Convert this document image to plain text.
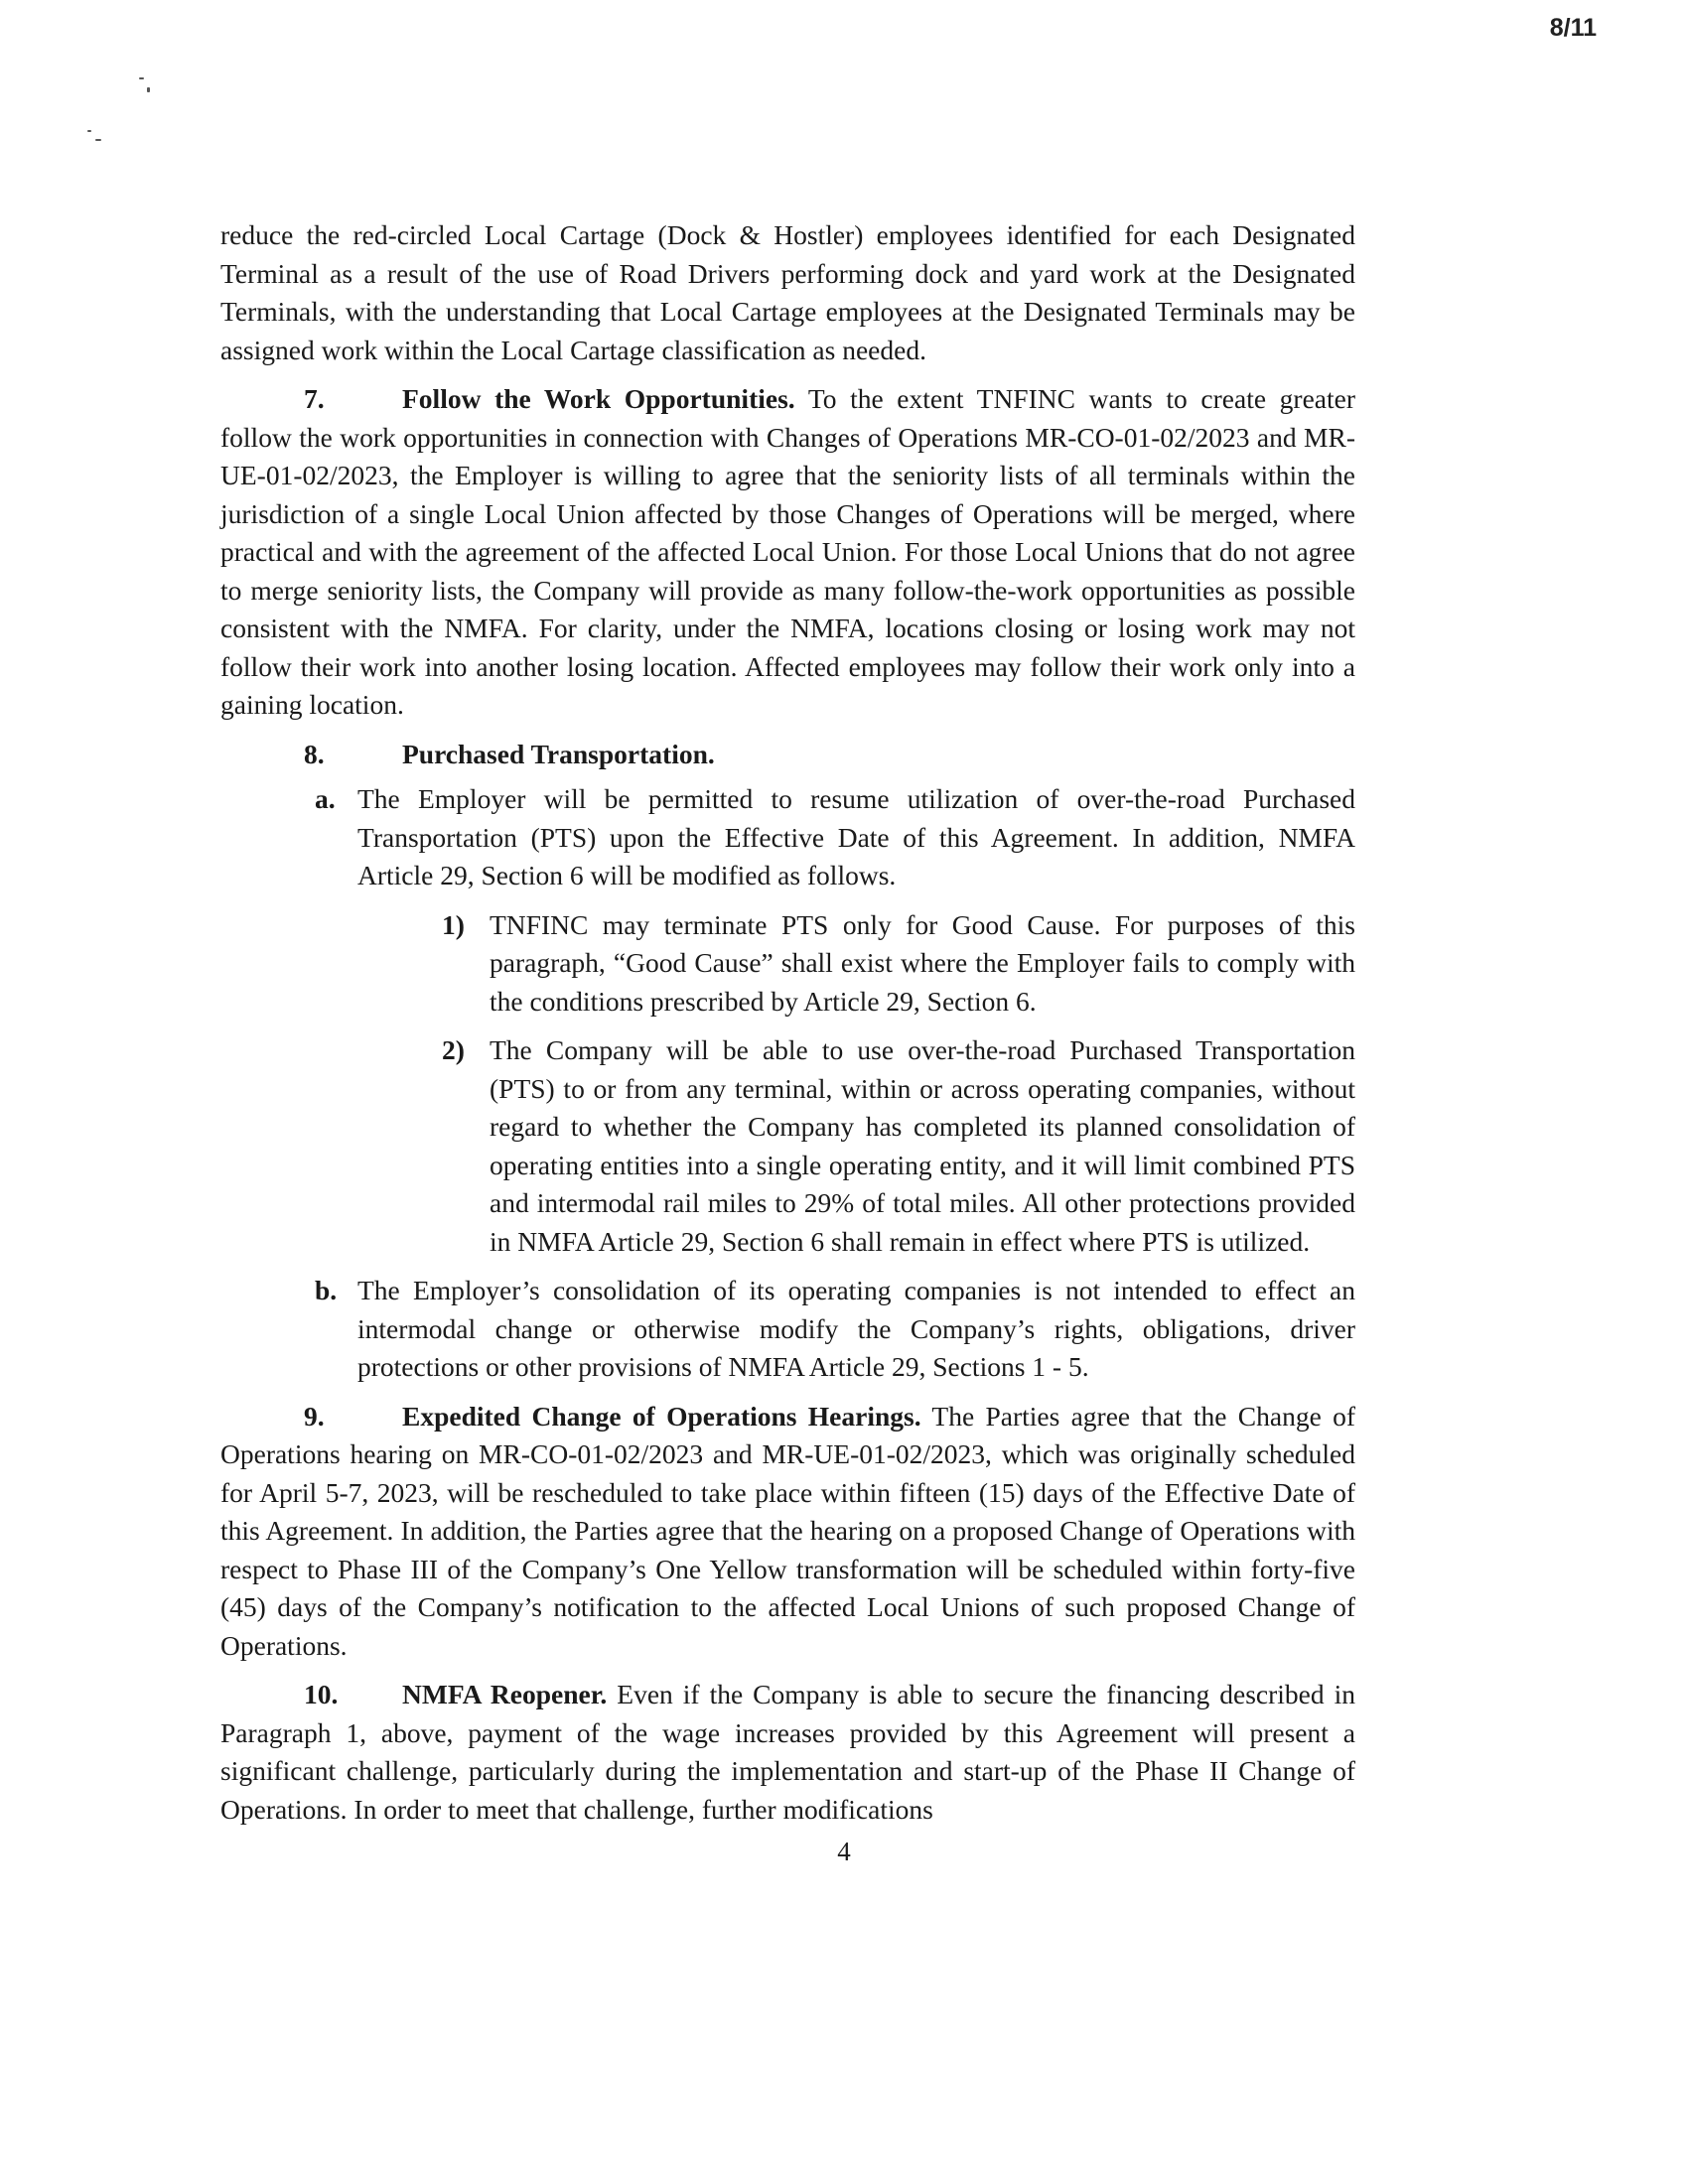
8/11

reduce the red-circled Local Cartage (Dock & Hostler) employees identified for each Designated Terminal as a result of the use of Road Drivers performing dock and yard work at the Designated Terminals, with the understanding that Local Cartage employees at the Designated Terminals may be assigned work within the Local Cartage classification as needed.

7.	Follow the Work Opportunities. To the extent TNFINC wants to create greater follow the work opportunities in connection with Changes of Operations MR-CO-01-02/2023 and MR-UE-01-02/2023, the Employer is willing to agree that the seniority lists of all terminals within the jurisdiction of a single Local Union affected by those Changes of Operations will be merged, where practical and with the agreement of the affected Local Union. For those Local Unions that do not agree to merge seniority lists, the Company will provide as many follow-the-work opportunities as possible consistent with the NMFA. For clarity, under the NMFA, locations closing or losing work may not follow their work into another losing location. Affected employees may follow their work only into a gaining location.

8.	Purchased Transportation.

a. The Employer will be permitted to resume utilization of over-the-road Purchased Transportation (PTS) upon the Effective Date of this Agreement. In addition, NMFA Article 29, Section 6 will be modified as follows.

1) TNFINC may terminate PTS only for Good Cause. For purposes of this paragraph, “Good Cause” shall exist where the Employer fails to comply with the conditions prescribed by Article 29, Section 6.

2) The Company will be able to use over-the-road Purchased Transportation (PTS) to or from any terminal, within or across operating companies, without regard to whether the Company has completed its planned consolidation of operating entities into a single operating entity, and it will limit combined PTS and intermodal rail miles to 29% of total miles. All other protections provided in NMFA Article 29, Section 6 shall remain in effect where PTS is utilized.

b. The Employer’s consolidation of its operating companies is not intended to effect an intermodal change or otherwise modify the Company’s rights, obligations, driver protections or other provisions of NMFA Article 29, Sections 1 - 5.

9.	Expedited Change of Operations Hearings. The Parties agree that the Change of Operations hearing on MR-CO-01-02/2023 and MR-UE-01-02/2023, which was originally scheduled for April 5-7, 2023, will be rescheduled to take place within fifteen (15) days of the Effective Date of this Agreement. In addition, the Parties agree that the hearing on a proposed Change of Operations with respect to Phase III of the Company’s One Yellow transformation will be scheduled within forty-five (45) days of the Company’s notification to the affected Local Unions of such proposed Change of Operations.

10. NMFA Reopener. Even if the Company is able to secure the financing described in Paragraph 1, above, payment of the wage increases provided by this Agreement will present a significant challenge, particularly during the implementation and start-up of the Phase II Change of Operations. In order to meet that challenge, further modifications

4
